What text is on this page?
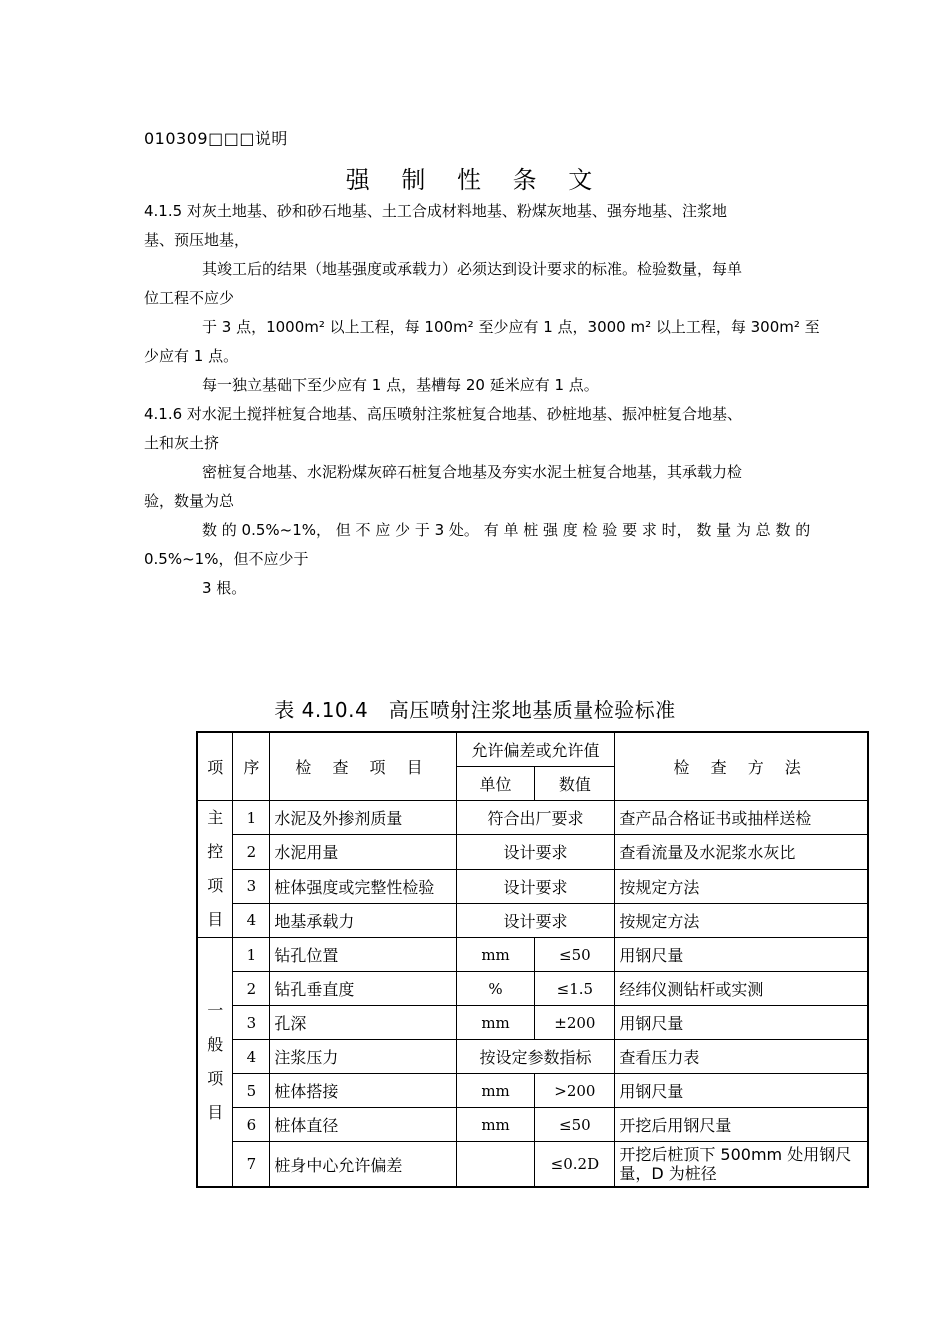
010309□□□说明
强 制 性 条 文
4.1.5 对灰土地基、砂和砂石地基、土工合成材料地基、粉煤灰地基、强夯地基、注浆地
基、预压地基，
其竣工后的结果（地基强度或承载力）必须达到设计要求的标准。检验数量，每单
位工程不应少
于 3 点，1000m² 以上工程，每 100m² 至少应有 1 点，3000 m² 以上工程，每 300m² 至
少应有 1 点。
每一独立基础下至少应有 1 点，基槽每 20 延米应有 1 点。
4.1.6 对水泥土搅拌桩复合地基、高压喷射注浆桩复合地基、砂桩地基、振冲桩复合地基、
土和灰土挤
密桩复合地基、水泥粉煤灰碎石桩复合地基及夯实水泥土桩复合地基，其承载力检
验，数量为总
数 的 0.5%~1%， 但 不 应 少 于 3 处。 有 单 桩 强 度 检 验 要 求 时， 数 量 为 总 数 的
0.5%~1%，但不应少于
3 根。
表 4.10.4　高压喷射注浆地基质量检验标准
项	序	检 查 项 目	允许偏差或允许值		检 查 方 法
			单位	数值	

主
控
项
目	1	水泥及外掺剂质量	符合出厂要求		查产品合格证书或抽样送检
	2	水泥用量	设计要求		查看流量及水泥浆水灰比
	3	桩体强度或完整性检验	设计要求		按规定方法
	4	地基承载力	设计要求		按规定方法

一
般
项
目	1	钻孔位置	mm	≤50	用钢尺量
	2	钻孔垂直度	%	≤1.5	经纬仪测钻杆或实测
	3	孔深	mm	±200	用钢尺量
	4	注浆压力	按设定参数指标		查看压力表
	5	桩体搭接	mm	>200	用钢尺量
	6	桩体直径	mm	≤50	开挖后用钢尺量
	7	桩身中心允许偏差		≤0.2D	开挖后桩顶下 500mm 处用钢尺
量，D 为桩径
